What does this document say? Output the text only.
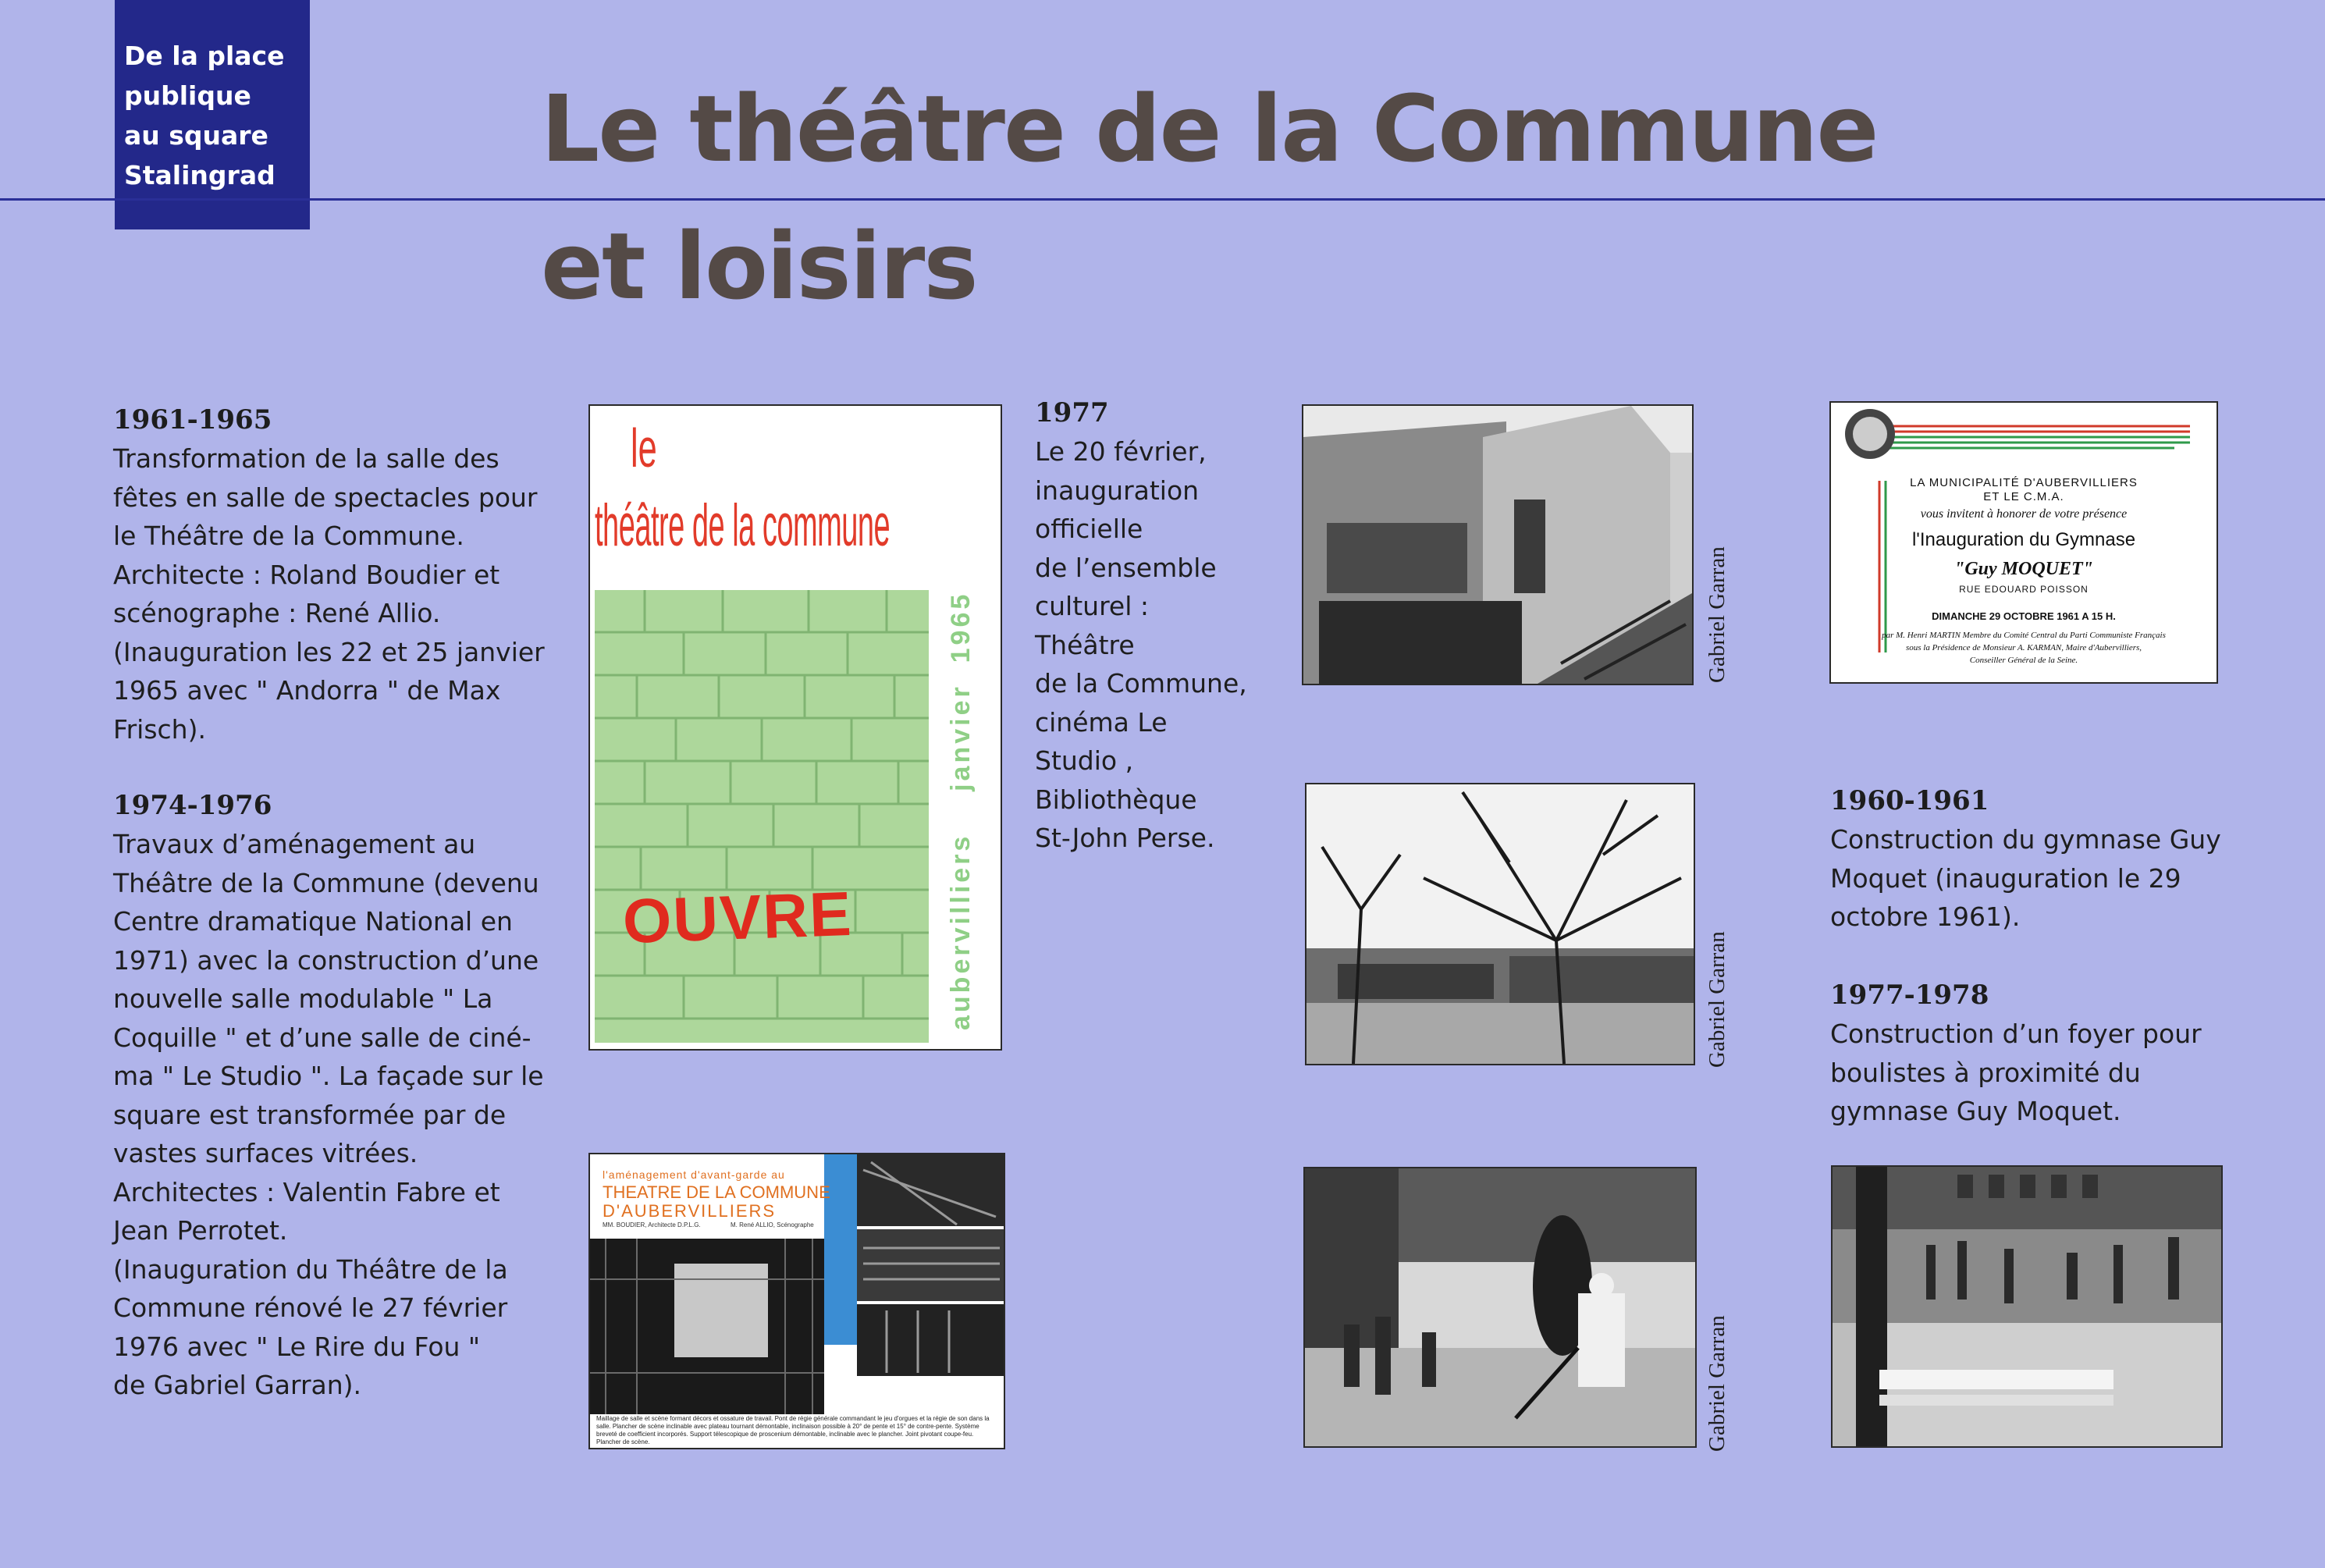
De la place
publique
au square
Stalingrad	Le théâtre de la Commune
et loisirs
1961-1965
Transformation de la salle des
fêtes en salle de spectacles pour
le Théâtre de la Commune.
Architecte : Roland Boudier et
scénographe : René Allio.
(Inauguration les 22 et 25 janvier
1965 avec " Andorra " de Max
Frisch).
1974-1976
Travaux d’aménagement au
Théâtre de la Commune (devenu
Centre dramatique National en
1971) avec la construction d’une
nouvelle salle modulable " La
Coquille " et d’une salle de ciné-
ma " Le Studio ". La façade sur le
square est transformée par de
vastes surfaces vitrées.
Architectes : Valentin Fabre et
Jean Perrotet.
(Inauguration du Théâtre de la
Commune rénové le 27 février
1976 avec " Le Rire du Fou "
de Gabriel Garran).
le
théâtre de la commune
OUVRE	aubervilliers    janvier  1965
l'aménagement d'avant-garde au
THEATRE DE LA COMMUNE
D'AUBERVILLIERS
MM. BOUDIER, Architecte D.P.L.G.	M. René ALLIO, Scénographe
Maillage de salle et scène formant décors et ossature de travail. Pont de régie générale commandant le jeu d'orgues et la régie de son dans la salle. Plancher de scène inclinable avec plateau tournant démontable, inclinaison possible à 20° de pente et 15° de contre-pente. Système breveté de coefficient incorporés. Support télescopique de proscenium démontable, inclinable avec le plancher. Joint pivotant coupe-feu. Plancher de scène.
1977
Le 20 février,
inauguration
officielle
de l’ensemble
culturel :
Théâtre
de la Commune,
cinéma Le
Studio ,
Bibliothèque
St-John Perse.
Gabriel Garran
Gabriel Garran
Gabriel Garran
LA MUNICIPALITÉ D'AUBERVILLIERS
ET LE C.M.A.
vous invitent à honorer de votre présence
l'Inauguration du Gymnase
"Guy MOQUET"
RUE EDOUARD POISSON
DIMANCHE 29 OCTOBRE 1961 A 15 H.
par M. Henri MARTIN Membre du Comité Central du Parti Communiste Français
sous la Présidence de Monsieur A. KARMAN, Maire d'Aubervilliers,
Conseiller Général de la Seine.
1960-1961
Construction du gymnase Guy
Moquet (inauguration le 29
octobre 1961).
1977-1978
Construction d’un foyer pour
boulistes à proximité du
gymnase Guy Moquet.
